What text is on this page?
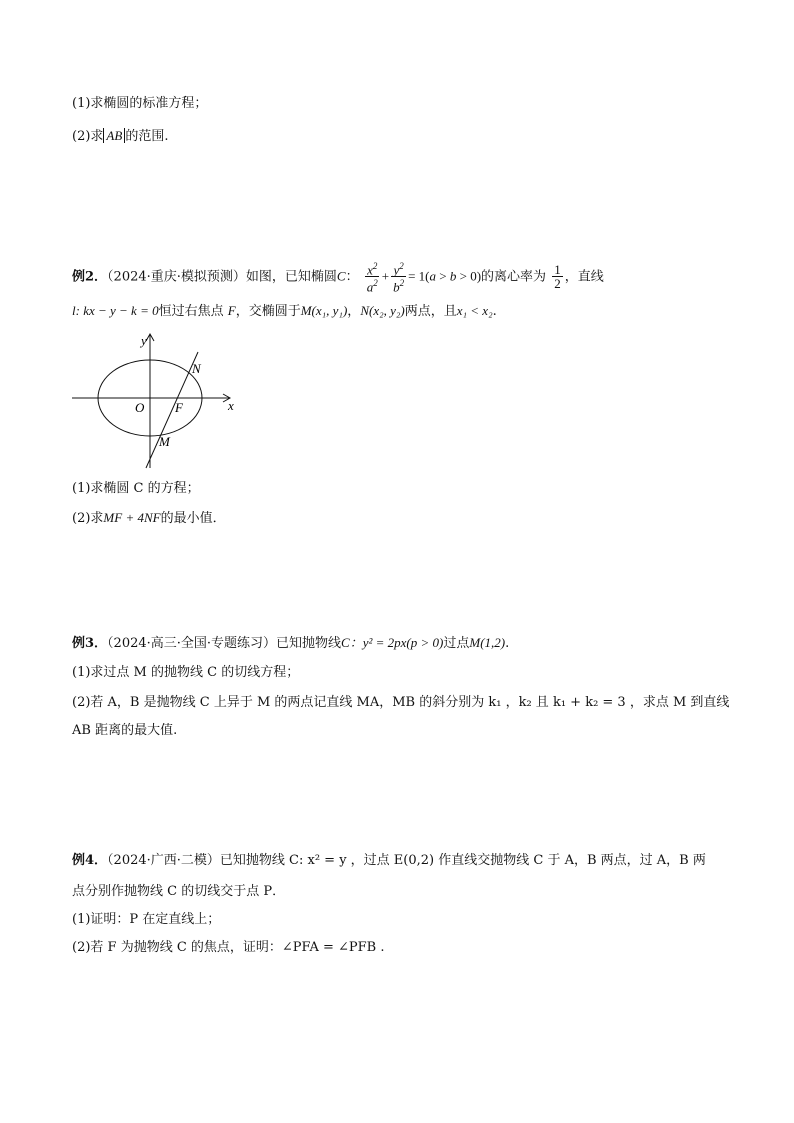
(1)求椭圆的标准方程；
(2)求 AB 的范围.
例2．（2024·重庆·模拟预测）如图，已知椭圆C： $\frac{x^2}{a^2} + \frac{y^2}{b^2} = 1(a > b > 0)$的离心率为 $\frac{1}{2}$ ，直线
l: kx − y − k = 0恒过右焦点 F，交椭圆于M(x₁, y₁)，N(x₂, y₂)两点，且x₁ < x₂.
y
x
O F
N
M
(1)求椭圆 C 的方程；
(2)求MF + 4NF的最小值．
例3．（2024·高三·全国·专题练习）已知抛物线C：y² = 2px(p > 0)过点M(1,2).
(1)求过点 M 的抛物线 C 的切线方程；
(2)若 A，B 是抛物线 C 上异于 M 的两点记直线 MA，MB 的斜分别为 k₁ ，k₂ 且 k₁ + k₂ = 3 ，求点 M 到直线
AB 距离的最大值.
例4．（2024·广西·二模）已知抛物线 C: x² = y ，过点 E(0,2) 作直线交抛物线 C 于 A，B 两点，过 A，B 两
点分别作抛物线 C 的切线交于点 P．
(1)证明：P 在定直线上；
(2)若 F 为抛物线 C 的焦点，证明：∠PFA = ∠PFB .
